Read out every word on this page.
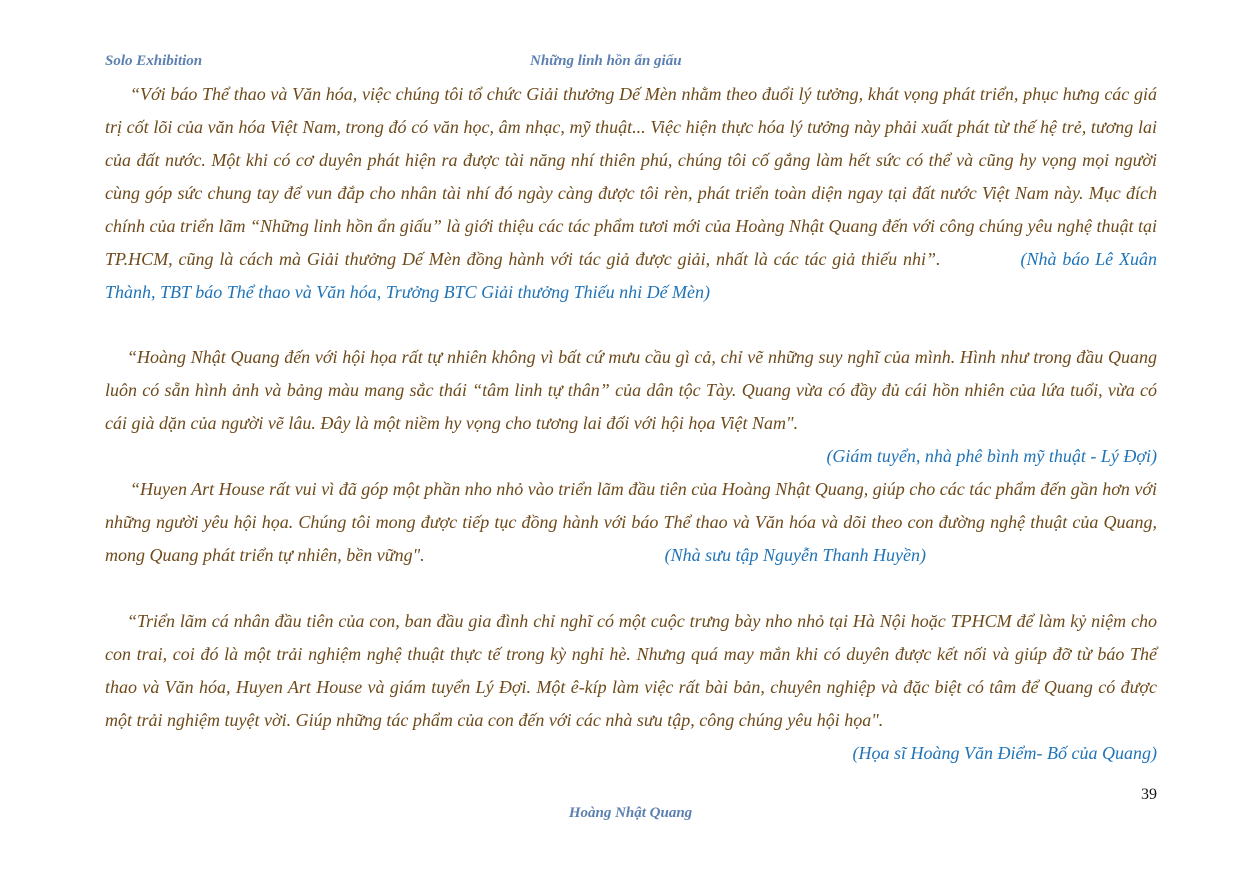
Solo Exhibition	Những linh hồn ẩn giấu

“Với báo Thể thao và Văn hóa, việc chúng tôi tổ chức Giải thưởng Dế Mèn nhằm theo đuổi lý tưởng, khát vọng phát triển, phục hưng các giá trị cốt lõi của văn hóa Việt Nam, trong đó có văn học, âm nhạc, mỹ thuật... Việc hiện thực hóa lý tưởng này phải xuất phát từ thế hệ trẻ, tương lai của đất nước. Một khi có cơ duyên phát hiện ra được tài năng nhí thiên phú, chúng tôi cố gắng làm hết sức có thể và cũng hy vọng mọi người cùng góp sức chung tay để vun đắp cho nhân tài nhí đó ngày càng được tôi rèn, phát triển toàn diện ngay tại đất nước Việt Nam này. Mục đích chính của triển lãm “Những linh hồn ẩn giấu” là giới thiệu các tác phẩm tươi mới của Hoàng Nhật Quang đến với công chúng yêu nghệ thuật tại TP.HCM, cũng là cách mà Giải thưởng Dế Mèn đồng hành với tác giả được giải, nhất là các tác giả thiếu nhi”.	(Nhà báo Lê Xuân Thành, TBT báo Thể thao và Văn hóa, Trưởng BTC Giải thưởng Thiếu nhi Dế Mèn)

“Hoàng Nhật Quang đến với hội họa rất tự nhiên không vì bất cứ mưu cầu gì cả, chỉ vẽ những suy nghĩ của mình. Hình như trong đầu Quang luôn có sẵn hình ảnh và bảng màu mang sắc thái “tâm linh tự thân” của dân tộc Tày. Quang vừa có đầy đủ cái hồn nhiên của lứa tuổi, vừa có cái già dặn của người vẽ lâu. Đây là một niềm hy vọng cho tương lai đối với hội họa Việt Nam".

(Giám tuyển, nhà phê bình mỹ thuật - Lý Đợi)

“Huyen Art House rất vui vì đã góp một phần nho nhỏ vào triển lãm đầu tiên của Hoàng Nhật Quang, giúp cho các tác phẩm đến gần hơn với những người yêu hội họa. Chúng tôi mong được tiếp tục đồng hành với báo Thể thao và Văn hóa và dõi theo con đường nghệ thuật của Quang, mong Quang phát triển tự nhiên, bền vững".	(Nhà sưu tập Nguyễn Thanh Huyền)

“Triển lãm cá nhân đầu tiên của con, ban đầu gia đình chỉ nghĩ có một cuộc trưng bày nho nhỏ tại Hà Nội hoặc TPHCM để làm kỷ niệm cho con trai, coi đó là một trải nghiệm nghệ thuật thực tế trong kỳ nghỉ hè. Nhưng quá may mắn khi có duyên được kết nối và giúp đỡ từ báo Thể thao và Văn hóa, Huyen Art House và giám tuyển Lý Đợi. Một ê-kíp làm việc rất bài bản, chuyên nghiệp và đặc biệt có tâm để Quang có được một trải nghiệm tuyệt vời. Giúp những tác phẩm của con đến với các nhà sưu tập, công chúng yêu hội họa".

(Họa sĩ Hoàng Văn Điểm- Bố của Quang)
39
Hoàng Nhật Quang
